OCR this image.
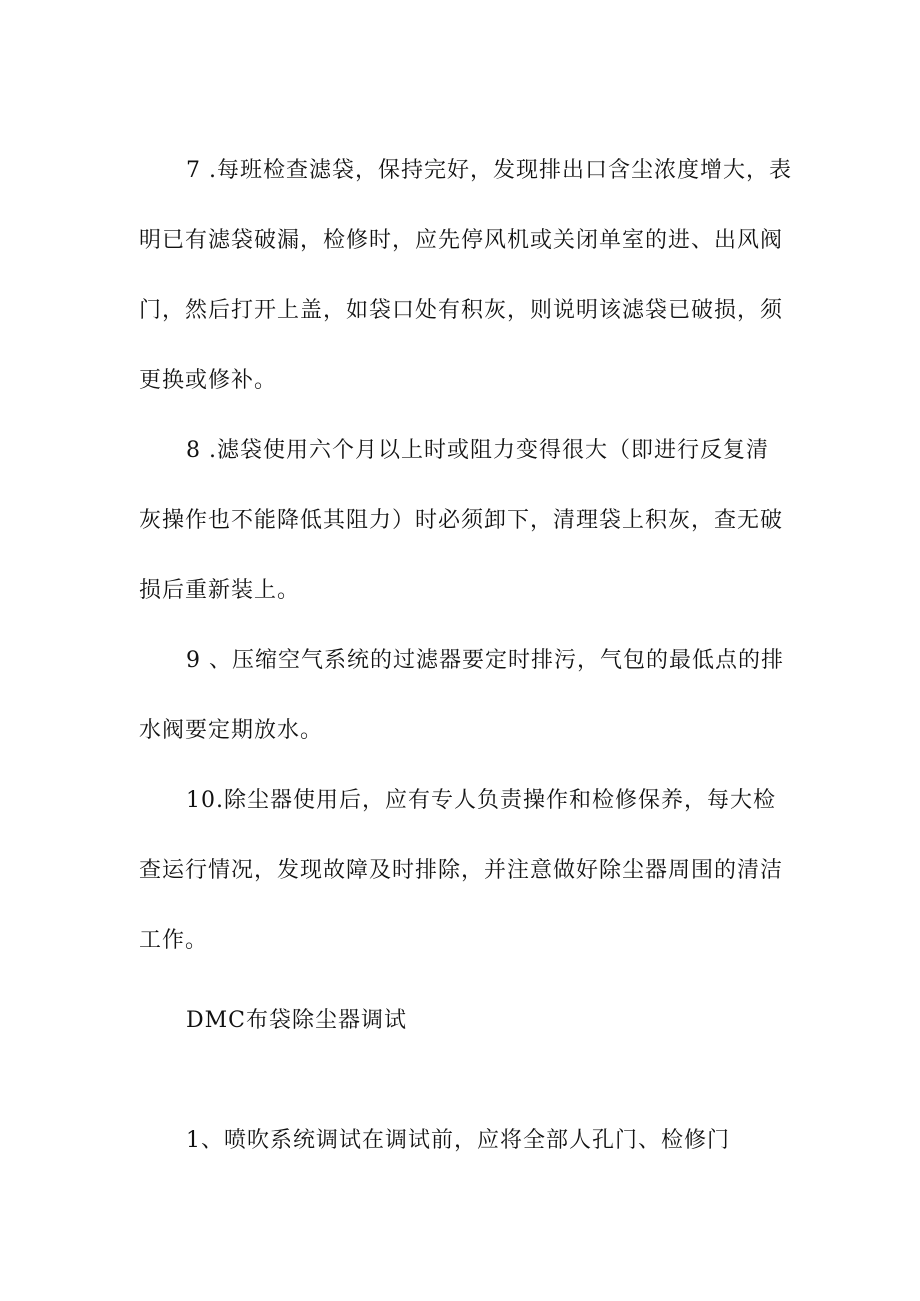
7 .每班检查滤袋，保持完好，发现排出口含尘浓度增大，表
明已有滤袋破漏，检修时，应先停风机或关闭单室的进、出风阀
门，然后打开上盖，如袋口处有积灰，则说明该滤袋已破损，须
更换或修补。
8 .滤袋使用六个月以上时或阻力变得很大（即进行反复清
灰操作也不能降低其阻力）时必须卸下，清理袋上积灰，查无破
损后重新装上。
9 、压缩空气系统的过滤器要定时排污，气包的最低点的排
水阀要定期放水。
10.除尘器使用后，应有专人负责操作和检修保养，每大检
查运行情况，发现故障及时排除，并注意做好除尘器周围的清洁
工作。
DMC布袋除尘器调试
1、喷吹系统调试在调试前，应将全部人孔门、检修门
